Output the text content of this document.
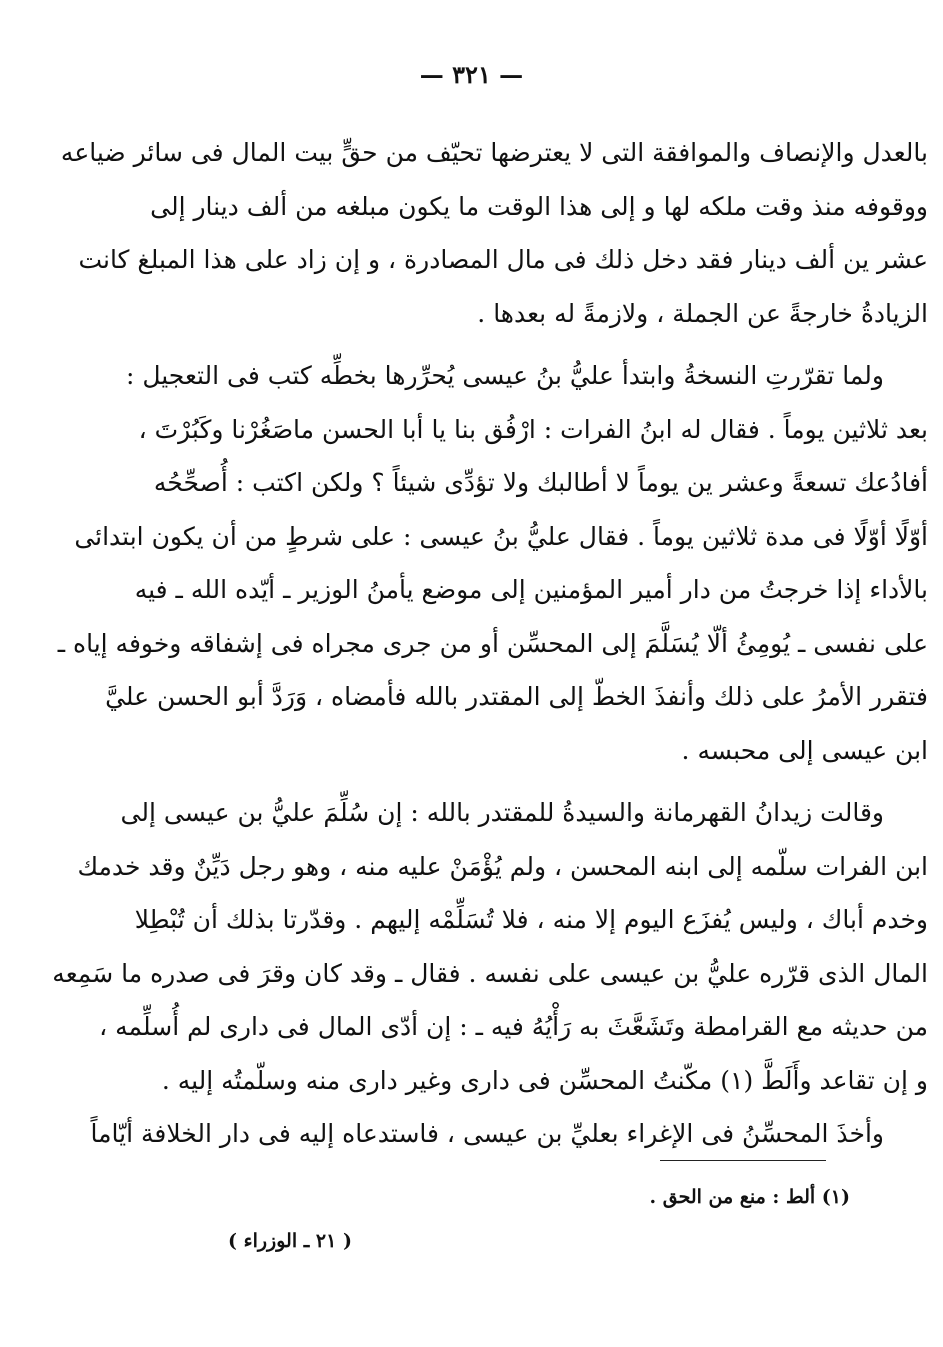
— ٣٢١ —
بالعدل والإنصاف والموافقة التى لا يعترضها تحيّف من حقٍّ بيت المال فى سائر ضياعه
ووقوفه منذ وقت ملكه لها و إلى هذا الوقت ما يكون مبلغه من ألف دينار إلى
عشر ين ألف دينار فقد دخل ذلك فى مال المصادرة ، و إن زاد على هذا المبلغ كانت
الزيادةُ خارجةً عن الجملة ، ولازمةً له بعدها .
ولما تقرّرتِ النسخةُ وابتدأ عليُّ بنُ عيسى يُحرِّرها بخطِّه كتب فى التعجيل :
بعد ثلاثين يوماً . فقال له ابنُ الفرات : ارْفُق بنا يا أبا الحسن ماصَغُرْنا وكَبُرْتَ ،
أفادُعك تسعةً وعشر ين يوماً لا أطالبك ولا تؤدِّى شيئاً ؟ ولكن اكتب : أُصحِّحُه
أوّلًا أوّلًا فى مدة ثلاثين يوماً . فقال عليُّ بنُ عيسى : على شرطٍ من أن يكون ابتدائى
بالأداء إذا خرجتُ من دار أمير المؤمنين إلى موضع يأمنُ الوزير ـ أيّده الله ـ فيه
على نفسى ـ يُومِئُ ألّا يُسَلَّمَ إلى المحسِّن أو من جرى مجراه فى إشفاقه وخوفه إياه ـ
فتقرر الأمرُ على ذلك وأنفذَ الخطّ إلى المقتدر بالله فأمضاه ، وَرَدَّ أبو الحسن عليَّ
ابن عيسى إلى محبسه .
وقالت زيدانُ القهرمانة والسيدةُ للمقتدر بالله : إن سُلِّمَ عليُّ بن عيسى إلى
ابن الفرات سلّمه إلى ابنه المحسن ، ولم يُؤْمَنْ عليه منه ، وهو رجل دَيِّنٌ وقد خدمك
وخدم أباك ، وليس يُفزَع اليوم إلا منه ، فلا تُسَلِّمْه إليهم . وقدّرتا بذلك أن تُبْطِلا
المال الذى قرّره عليُّ بن عيسى على نفسه . فقال ـ وقد كان وقرَ فى صدره ما سَمِعه
من حديثه مع القرامطة وتَشَعَّثَ به رَأْيُهُ فيه ـ : إن أدّى المال فى دارى لم أُسلِّمه ،
و إن تقاعد وأَلَطَّ (١) مكّنتُ المحسِّن فى دارى وغير دارى منه وسلّمتُه إليه .
وأخذَ المحسِّنُ فى الإغراء بعليِّ بن عيسى ، فاستدعاه إليه فى دار الخلافة أيّاماً
(١) ألط : منع من الحق .
( ٢١ ـ الوزراء )
